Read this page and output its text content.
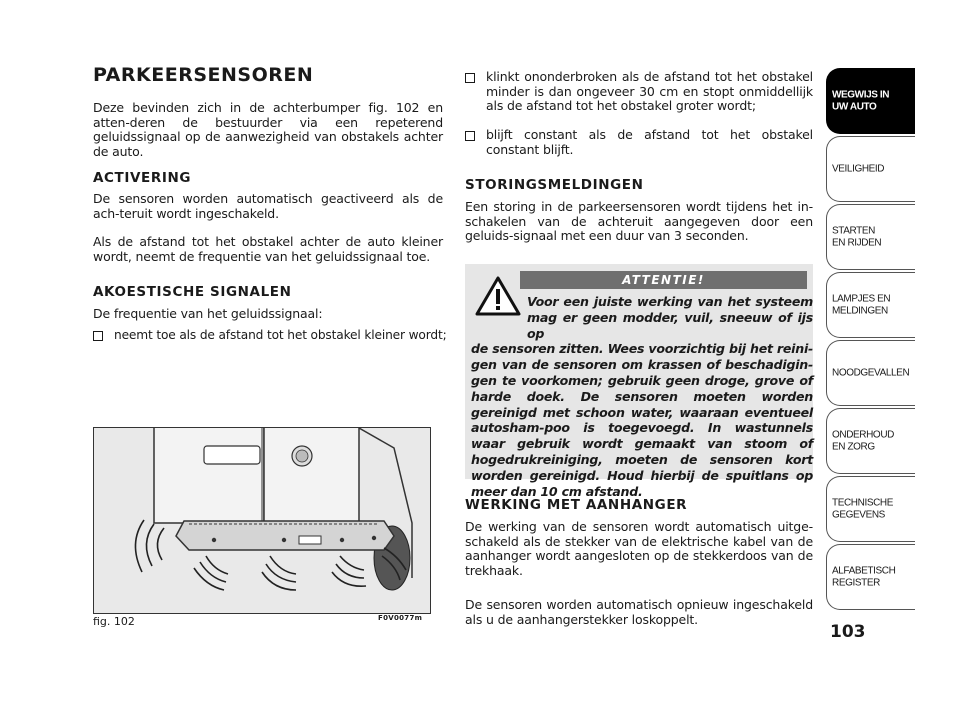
PARKEERSENSOREN

Deze bevinden zich in de achterbumper fig. 102 en atten-deren de bestuurder via een repeterend geluidssignaal op de aanwezigheid van obstakels achter de auto.

ACTIVERING

De sensoren worden automatisch geactiveerd als de ach-teruit wordt ingeschakeld.

Als de afstand tot het obstakel achter de auto kleiner wordt, neemt de frequentie van het geluidssignaal toe.

AKOESTISCHE SIGNALEN

De frequentie van het geluidssignaal:

neemt toe als de afstand tot het obstakel kleiner wordt;
fig. 102	F0V0077m
klinkt ononderbroken als de afstand tot het obstakel minder is dan ongeveer 30 cm en stopt onmiddellijk als de afstand tot het obstakel groter wordt;
blijft constant als de afstand tot het obstakel constant blijft.
STORINGSMELDINGEN

Een storing in de parkeersensoren wordt tijdens het in-schakelen van de achteruit aangegeven door een geluids-signaal met een duur van 3 seconden.

ATTENTIE!
Voor een juiste werking van het systeem mag er geen modder, vuil, sneeuw of ijs op
de sensoren zitten. Wees voorzichtig bij het reini-gen van de sensoren om krassen of beschadigin-gen te voorkomen; gebruik geen droge, grove of harde doek. De sensoren moeten worden gereinigd met schoon water, waaraan eventueel autosham-poo is toegevoegd. In wastunnels waar gebruik wordt gemaakt van stoom of hogedrukreiniging, moeten de sensoren kort worden gereinigd. Houd hierbij de spuitlans op meer dan 10 cm afstand.
WERKING MET AANHANGER

De werking van de sensoren wordt automatisch uitge-schakeld als de stekker van de elektrische kabel van de aanhanger wordt aangesloten op de stekkerdoos van de trekhaak.

De sensoren worden automatisch opnieuw ingeschakeld als u de aanhangerstekker loskoppelt.

WEGWIJS IN UW AUTO
VEILIGHEID
STARTEN EN RIJDEN
LAMPJES EN MELDINGEN
NOODGEVALLEN
ONDERHOUD EN ZORG
TECHNISCHE GEGEVENS
ALFABETISCH REGISTER
103
